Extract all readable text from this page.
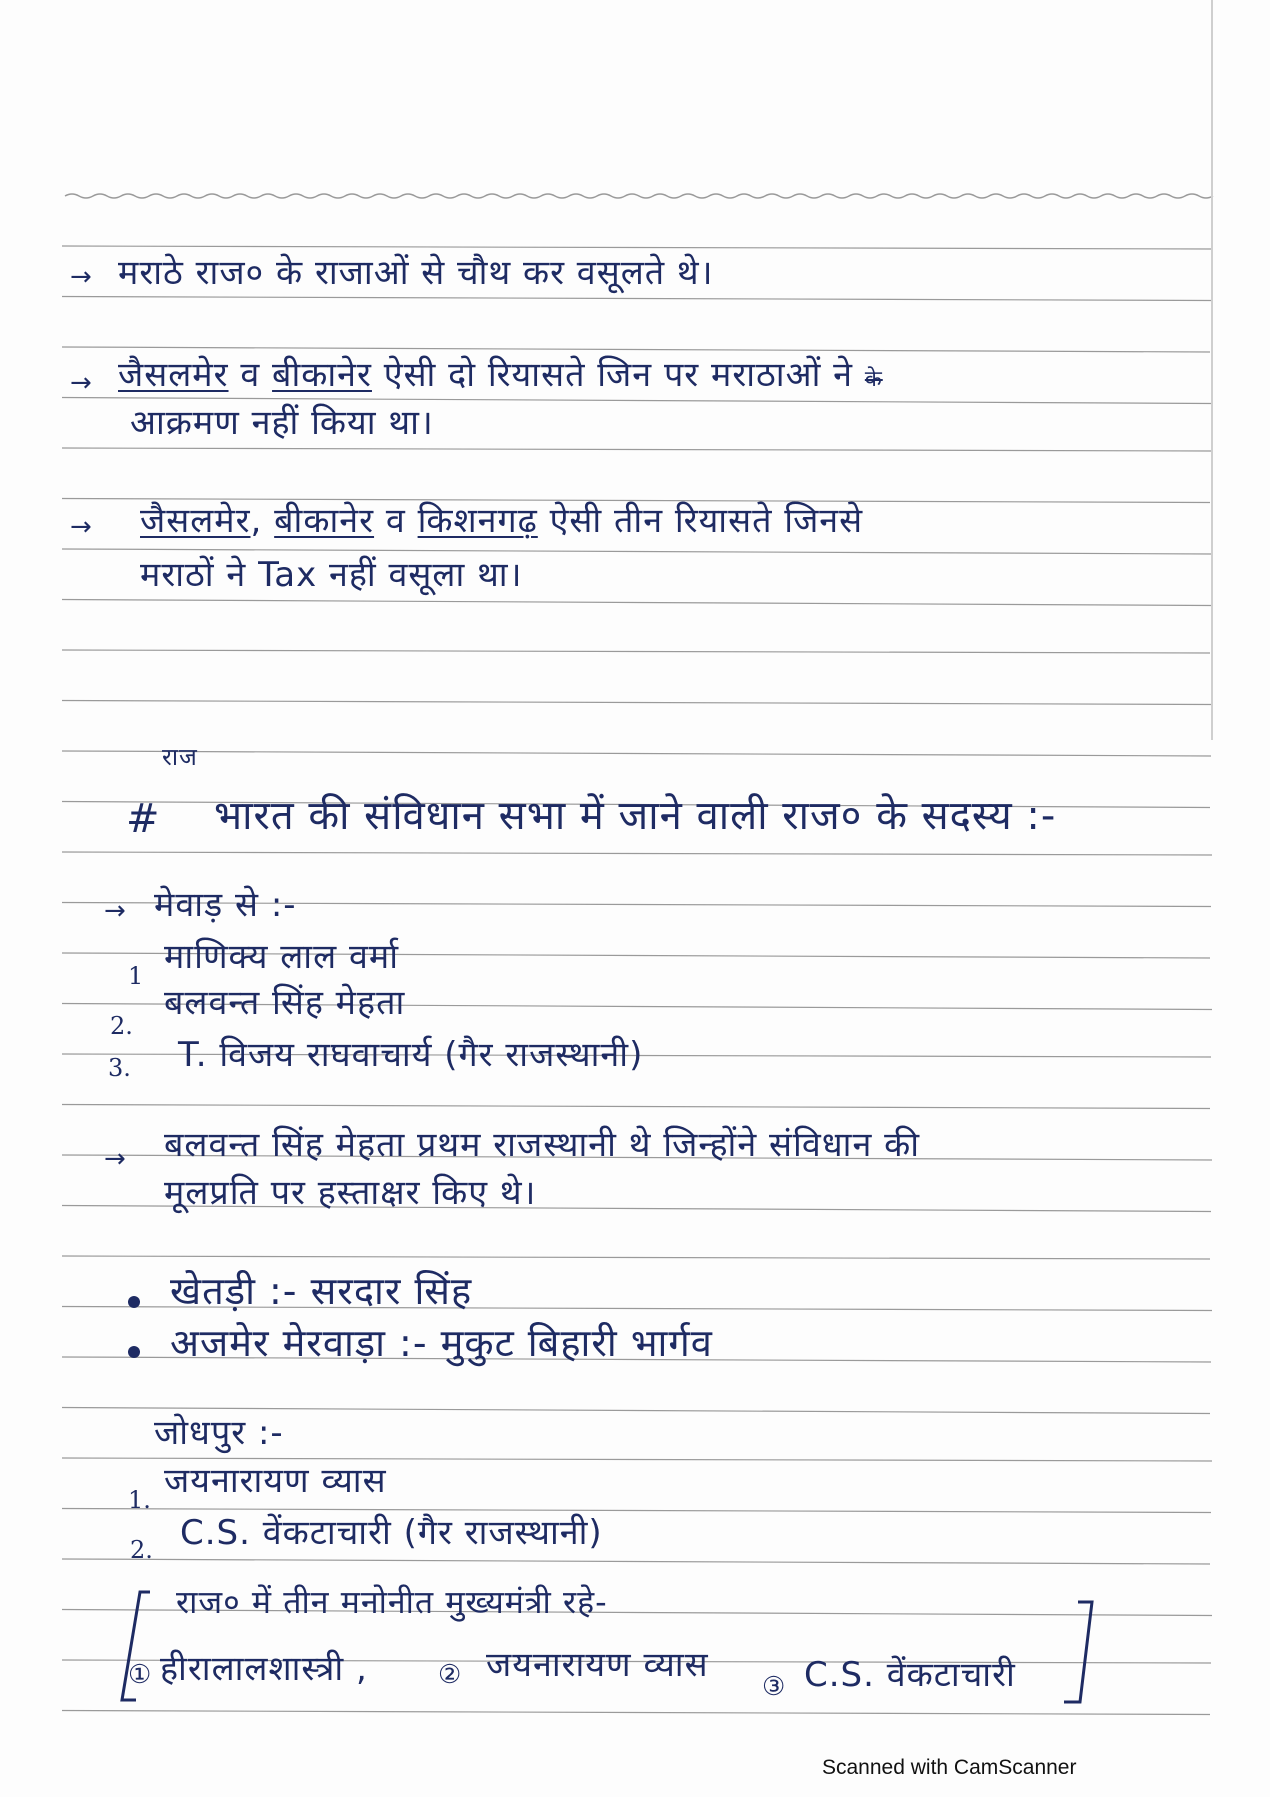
→ मराठे राज० के राजाओं से चौथ कर वसूलते थे।
→ जैसलमेर व बीकानेर ऐसी दो रियासते जिन पर मराठाओं ने के
आक्रमण नहीं किया था।
→ जैसलमेर, बीकानेर व किशनगढ़ ऐसी तीन रियासते जिनसे
मराठों ने Tax नहीं वसूला था।
राज
# भारत की संविधान सभा में जाने वाली राज० के सदस्य :-
→ मेवाड़ से :-
1 माणिक्य लाल वर्मा
2.
बलवन्त सिंह मेहता
3. T. विजय राघवाचार्य (गैर राजस्थानी)
→ बलवन्त सिंह मेहता प्रथम राजस्थानी थे जिन्होंने संविधान की
मूलप्रति पर हस्ताक्षर किए थे।
खेतड़ी :- सरदार सिंह
अजमेर मेरवाड़ा :- मुकुट बिहारी भार्गव
जोधपुर :-
1. जयनारायण व्यास
2. C.S. वेंकटाचारी (गैर राजस्थानी)
राज० में तीन मनोनीत मुख्यमंत्री रहे-
① हीरालालशास्त्री ,	② जयनारायण व्यास
③ C.S. वेंकटाचारी
Scanned with CamScanner
